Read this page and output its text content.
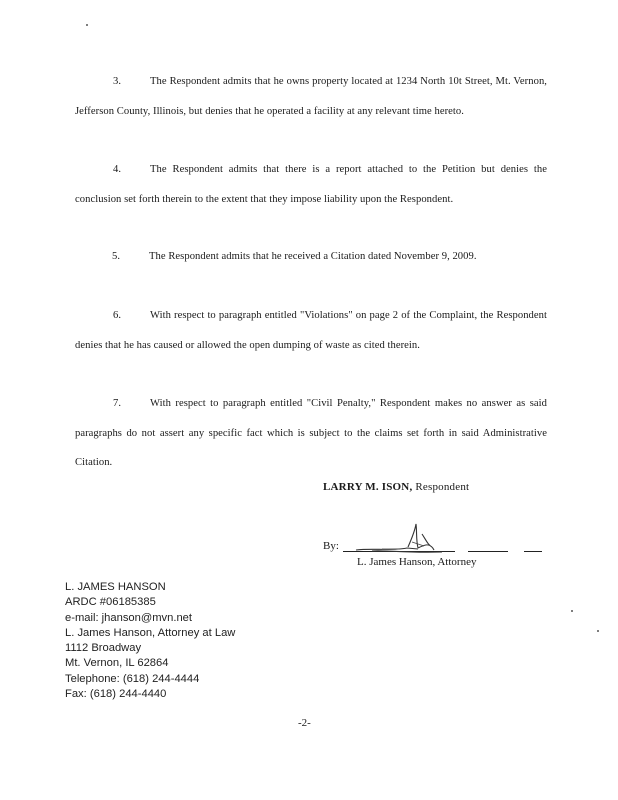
3.	The Respondent admits that he owns property located at 1234 North 10t Street, Mt. Vernon, Jefferson County, Illinois, but denies that he operated a facility at any relevant time hereto.
4.	The Respondent admits that there is a report attached to the Petition but denies the conclusion set forth therein to the extent that they impose liability upon the Respondent.
5.	The Respondent admits that he received a Citation dated November 9, 2009.
6.	With respect to paragraph entitled "Violations" on page 2 of the Complaint, the Respondent denies that he has caused or allowed the open dumping of waste as cited therein.
7.	With respect to paragraph entitled "Civil Penalty," Respondent makes no answer as said paragraphs do not assert any specific fact which is subject to the claims set forth in said Administrative Citation.
LARRY M. ISON, Respondent
By:
L. James Hanson, Attorney
L. JAMES HANSON
ARDC #06185385
e-mail: jhanson@mvn.net
L. James Hanson, Attorney at Law
1112 Broadway
Mt. Vernon, IL 62864
Telephone: (618) 244-4444
Fax: (618) 244-4440
-2-
